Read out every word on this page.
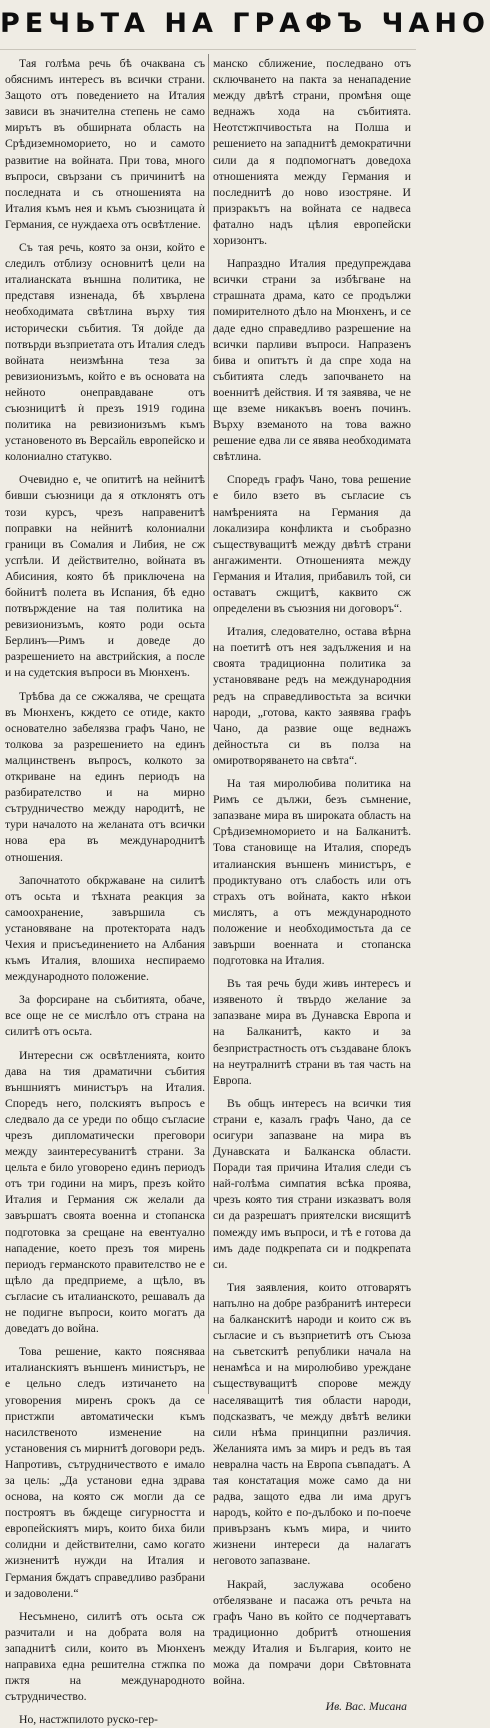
РЕЧЬТА НА ГРАФЪ ЧАНО

Тая голѣма речь бѣ очаквана съ обяснимъ интересъ въ всички страни. Защото отъ поведението на Италия зависи въ значителна степень не само мирътъ въ обширната область на Срѣдиземноморието, но и самото развитие на войната. При това, много въпроси, свързани съ причинитѣ на последната и съ отношенията на Италия къмъ нея и къмъ съюзницата ѝ Германия, се нуждаеха отъ освѣтление.

Съ тая речь, която за онзи, който е следилъ отблизу основнитѣ цели на италианската външна политика, не представя изненада, бѣ хвърлена необходимата свѣтлина върху тия исторически събития. Тя дойде да потвърди възприетата отъ Италия следъ войната неизмѣнна теза за ревизионизъмъ, който е въ основата на нейното онеправдаване отъ съюзницитѣ ѝ презъ 1919 година политика на ревизионизъмъ къмъ установеното въ Версайль европейско и колониално статукво.

Очевидно е, че опититѣ на нейнитѣ бивши съюзници да я отклонятъ отъ този курсъ, чрезъ направенитѣ поправки на нейнитѣ колониални граници въ Сомалия и Либия, не сж успѣли. И действително, войната въ Абисиния, която бѣ приключена на бойнитѣ полета въ Испания, бѣ едно потвърждение на тая политика на ревизионизъмъ, която роди осьта Берлинъ—Римъ и доведе до разрешението на австрийския, а после и на судетския въпроси въ Мюнхенъ.

Трѣбва да се сжжалява, че срещата въ Мюнхенъ, кждето се отиде, както основателно забелязва графъ Чано, не толкова за разрешението на единъ малцинственъ въпросъ, колкото за откриване на единъ периодъ на разбирателство и на мирно сътрудничество между народитѣ, не тури началото на желаната отъ всички нова ера въ международнитѣ отношения.

Започнатото обкржаване на силитѣ отъ осьта и тѣхната реакция за самоохранение, завършила съ установяване на протектората надъ Чехия и присъединението на Албания къмъ Италия, влошиха неспирaемо международното положение.

За форсиране на събитията, обаче, все още не се мислѣло отъ страна на силитѣ отъ осьта.

Интересни сж освѣтленията, които дава на тия драматични събития външниятъ министъръ на Италия. Споредъ него, полскиятъ въпросъ е следвало да се уреди по общо съгласие чрезъ дипломатически преговори между заинтересуванитѣ страни. За цельта е било уговорено единъ периодъ отъ три години на миръ, презъ който Италия и Германия сж желали да завършатъ своята военна и стопанска подготовка за срещане на евентуално нападение, което презъ тоя мирень периодъ германското правителство не е щѣло да предприеме, а щѣло, въ съгласие съ италианското, решавалъ да не подигне въпроси, които могатъ да доведатъ до война.

Това решение, както поясняваа италианскиятъ външенъ министъръ, не е цельно следъ изтичането на уговорения миренъ срокъ да се пристжпи автоматически къмъ насилственото изменение на установения съ мирнитѣ договори редъ. Напротивъ, сътрудничеството е имало за цель: „Да установи една здрава основа, на която сж могли да се построятъ въ бждеще сигурността и европейскиятъ миръ, които биха били солидни и действителни, само когато жизненитѣ нужди на Италия и Германия бждатъ справедливо разбрани и задоволени.“

Несъмнено, силитѣ отъ осьта сж разчитали и на добрата воля на западнитѣ сили, които въ Мюнхенъ направиха една решителна стжпка по пжтя на международното сътрудничество.

Но, настжпилото руско-гер-

манско сближение, последвано отъ сключването на пакта за ненападение между двѣтѣ страни, промѣня още веднажъ хода на събитията. Неотстжпчивостьта на Полша и решението на западнитѣ демократични сили да я подпомогнатъ доведоха отношенията между Германия и последнитѣ до ново изостряне. И призракътъ на войната се надвеса фатално надъ цѣлия европейски хоризонтъ.

Напраздно Италия предупреждава всички страни за избѣгване на страшната драма, като се продължи помирителното дѣло на Мюнхенъ, и се даде едно справедливо разрешение на всички парливи въпроси. Напразенъ бива и опитътъ ѝ да спре хода на събитията следъ започването на военнитѣ действия. И тя заявява, че не ще вземе никакъвъ военъ починъ. Върху вземаното на това важно решение едва ли се явява необходимата свѣтлина.

Споредъ графъ Чано, това решение е било взето въ съгласие съ намѣренията на Германия да локализира конфликта и съобразно съществуващитѣ между двѣтѣ страни ангажименти. Отношенията между Германия и Италия, прибавилъ той, си оставатъ сжщитѣ, каквито сж определени въ съюзния ни договоръ“.

Италия, следователно, остава вѣрна на поетитѣ отъ нея задължения и на своята традиционна политика за установяване редъ на международния редъ на справедливостьта за всички народи, „готова, както заявява графъ Чано, да развие още веднажъ дейностьта си въ полза на омиротворяването на свѣта“.

На тая миролюбива политика на Римъ се дължи, безъ съмнение, запазване мира въ широката область на Срѣдиземноморието и на Балканитѣ. Това становище на Италия, споредъ италианския външенъ министъръ, е продиктувано отъ слабость или отъ страхъ отъ войната, както нѣкои мислятъ, а отъ международното положение и необходимостьта да се завърши военната и стопанска подготовка на Италия.

Въ тая речь буди живъ интересъ и изявеното ѝ твърдо желание за запазване мира въ Дунавска Европа и на Балканитѣ, както и за безпристрастность отъ създаване блокъ на неутралнитѣ страни въ тая часть на Европа.

Въ общъ интересъ на всички тия страни е, казалъ графъ Чано, да се осигури запазване на мира въ Дунавската и Балканска области. Поради тая причина Италия следи съ най-голѣма симпатия всѣка проява, чрезъ която тия страни изказватъ воля си да разрешатъ приятелски висящитѣ помежду имъ въпроси, и тѣ е готова да имъ даде подкрепата си и подкрепата си.

Тия заявления, които отговарятъ напълно на добре разбранитѣ интереси на балканскитѣ народи и които сж въ съгласие и съ възприетитѣ отъ Съюза на съветскитѣ републики начала на ненамѣса и на миролюбиво уреждане съществуващитѣ спорове между населяващитѣ тия области народи, подсказватъ, че между двѣтѣ велики сили нѣма принципни различия. Желанията имъ за миръ и редъ въ тая неврална часть на Европа съвпадатъ. А тая констатация може само да ни радва, защото едва ли има другъ народъ, който е по-дълбоко и по-поече привързанъ къмъ мира, и чиито жизнени интереси да налагатъ неговото запазване.

Накрай, заслужава особено отбелязване и пасажа отъ речьта на графъ Чано въ който се подчертаватъ традиционно добритѣ отношения между Италия и България, които не можа да помрачи дори Свѣтовната война.

Ив. Вас. Мисана
